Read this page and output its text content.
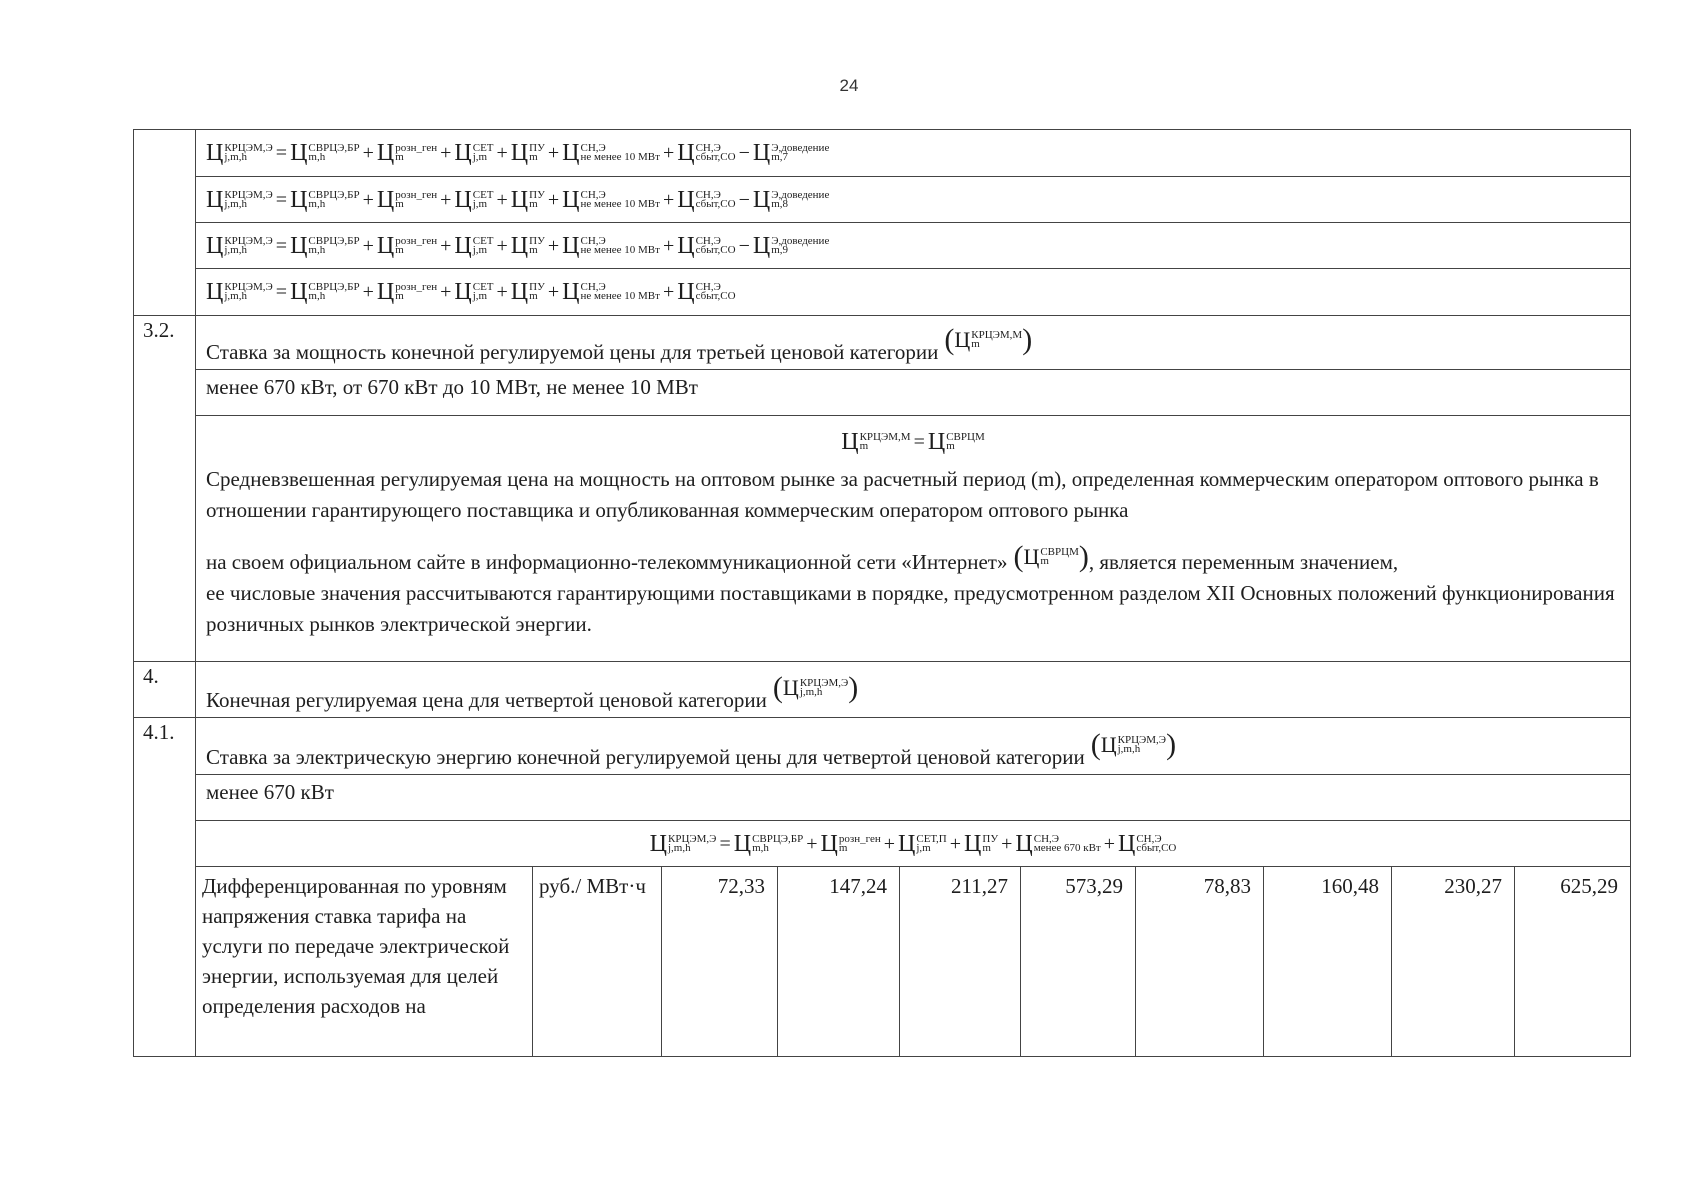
24
Ц КРЦЭМ,Э
j,m,h	= Ц СВРЦЭ,БР
m,h	+ Ц розн_ген
m	+ Ц СЕТ
j,m + Ц ПУ
m + Ц СН,Э
не менее 10 МВт + Ц СН,Э
сбыт,СО − Ц Э,доведение
m,7
Ц КРЦЭМ,Э
j,m,h	= Ц СВРЦЭ,БР
m,h	+ Ц розн_ген
m	+ Ц СЕТ
j,m + Ц ПУ
m + Ц СН,Э
не менее 10 МВт + Ц СН,Э
сбыт,СО − Ц Э,доведение
m,8
Ц КРЦЭМ,Э
j,m,h	= Ц СВРЦЭ,БР
m,h	+ Ц розн_ген
m	+ Ц СЕТ
j,m + Ц ПУ
m + Ц СН,Э
не менее 10 МВт + Ц СН,Э
сбыт,СО − Ц Э,доведение
m,9
Ц КРЦЭМ,Э
j,m,h	= Ц СВРЦЭ,БР
m,h	+ Ц розн_ген
m	+ Ц СЕТ
j,m + Ц ПУ
m + Ц СН,Э
не менее 10 МВт + Ц СН,Э
сбыт,СО
3.2.
Ставка за мощность конечной регулируемой цены для третьей ценовой категории ( Ц КРЦЭМ,М
m	)
менее 670 кВт, от 670 кВт до 10 МВт, не менее 10 МВт
Ц КРЦЭМ,М
m	= Ц СВРЦМ
m
Средневзвешенная регулируемая цена на мощность на оптовом рынке за расчетный период (m), определенная коммерческим оператором оптового рынка в отношении гарантирующего поставщика и опубликованная коммерческим оператором оптового рынка

на своем официальном сайте в информационно-телекоммуникационной сети «Интернет» ( Ц СВРЦМ
m ) , является переменным значением,

ее числовые значения рассчитываются гарантирующими поставщиками в порядке, предусмотренном разделом XII Основных положений функционирования розничных рынков электрической энергии.
4.
Конечная регулируемая цена для четвертой ценовой категории ( Ц КРЦЭМ,Э
j,m,h )
4.1.
Ставка за электрическую энергию конечной регулируемой цены для четвертой ценовой категории ( Ц КРЦЭМ,Э
j,m,h )
менее 670 кВт
Ц КРЦЭМ,Э
j,m,h	= Ц СВРЦЭ,БР
m,h	+ Ц розн_ген
m	+ Ц СЕТ,П
j,m + Ц ПУ
m + Ц СН,Э
менее 670 кВт + Ц СН,Э
сбыт,СО
Дифференцированная по уровням напряжения ставка тарифа на услуги по передаче электрической энергии, используемая для целей определения расходов на
руб./ МВт·ч	72,33	147,24	211,27	573,29	78,83	160,48	230,27	625,29
